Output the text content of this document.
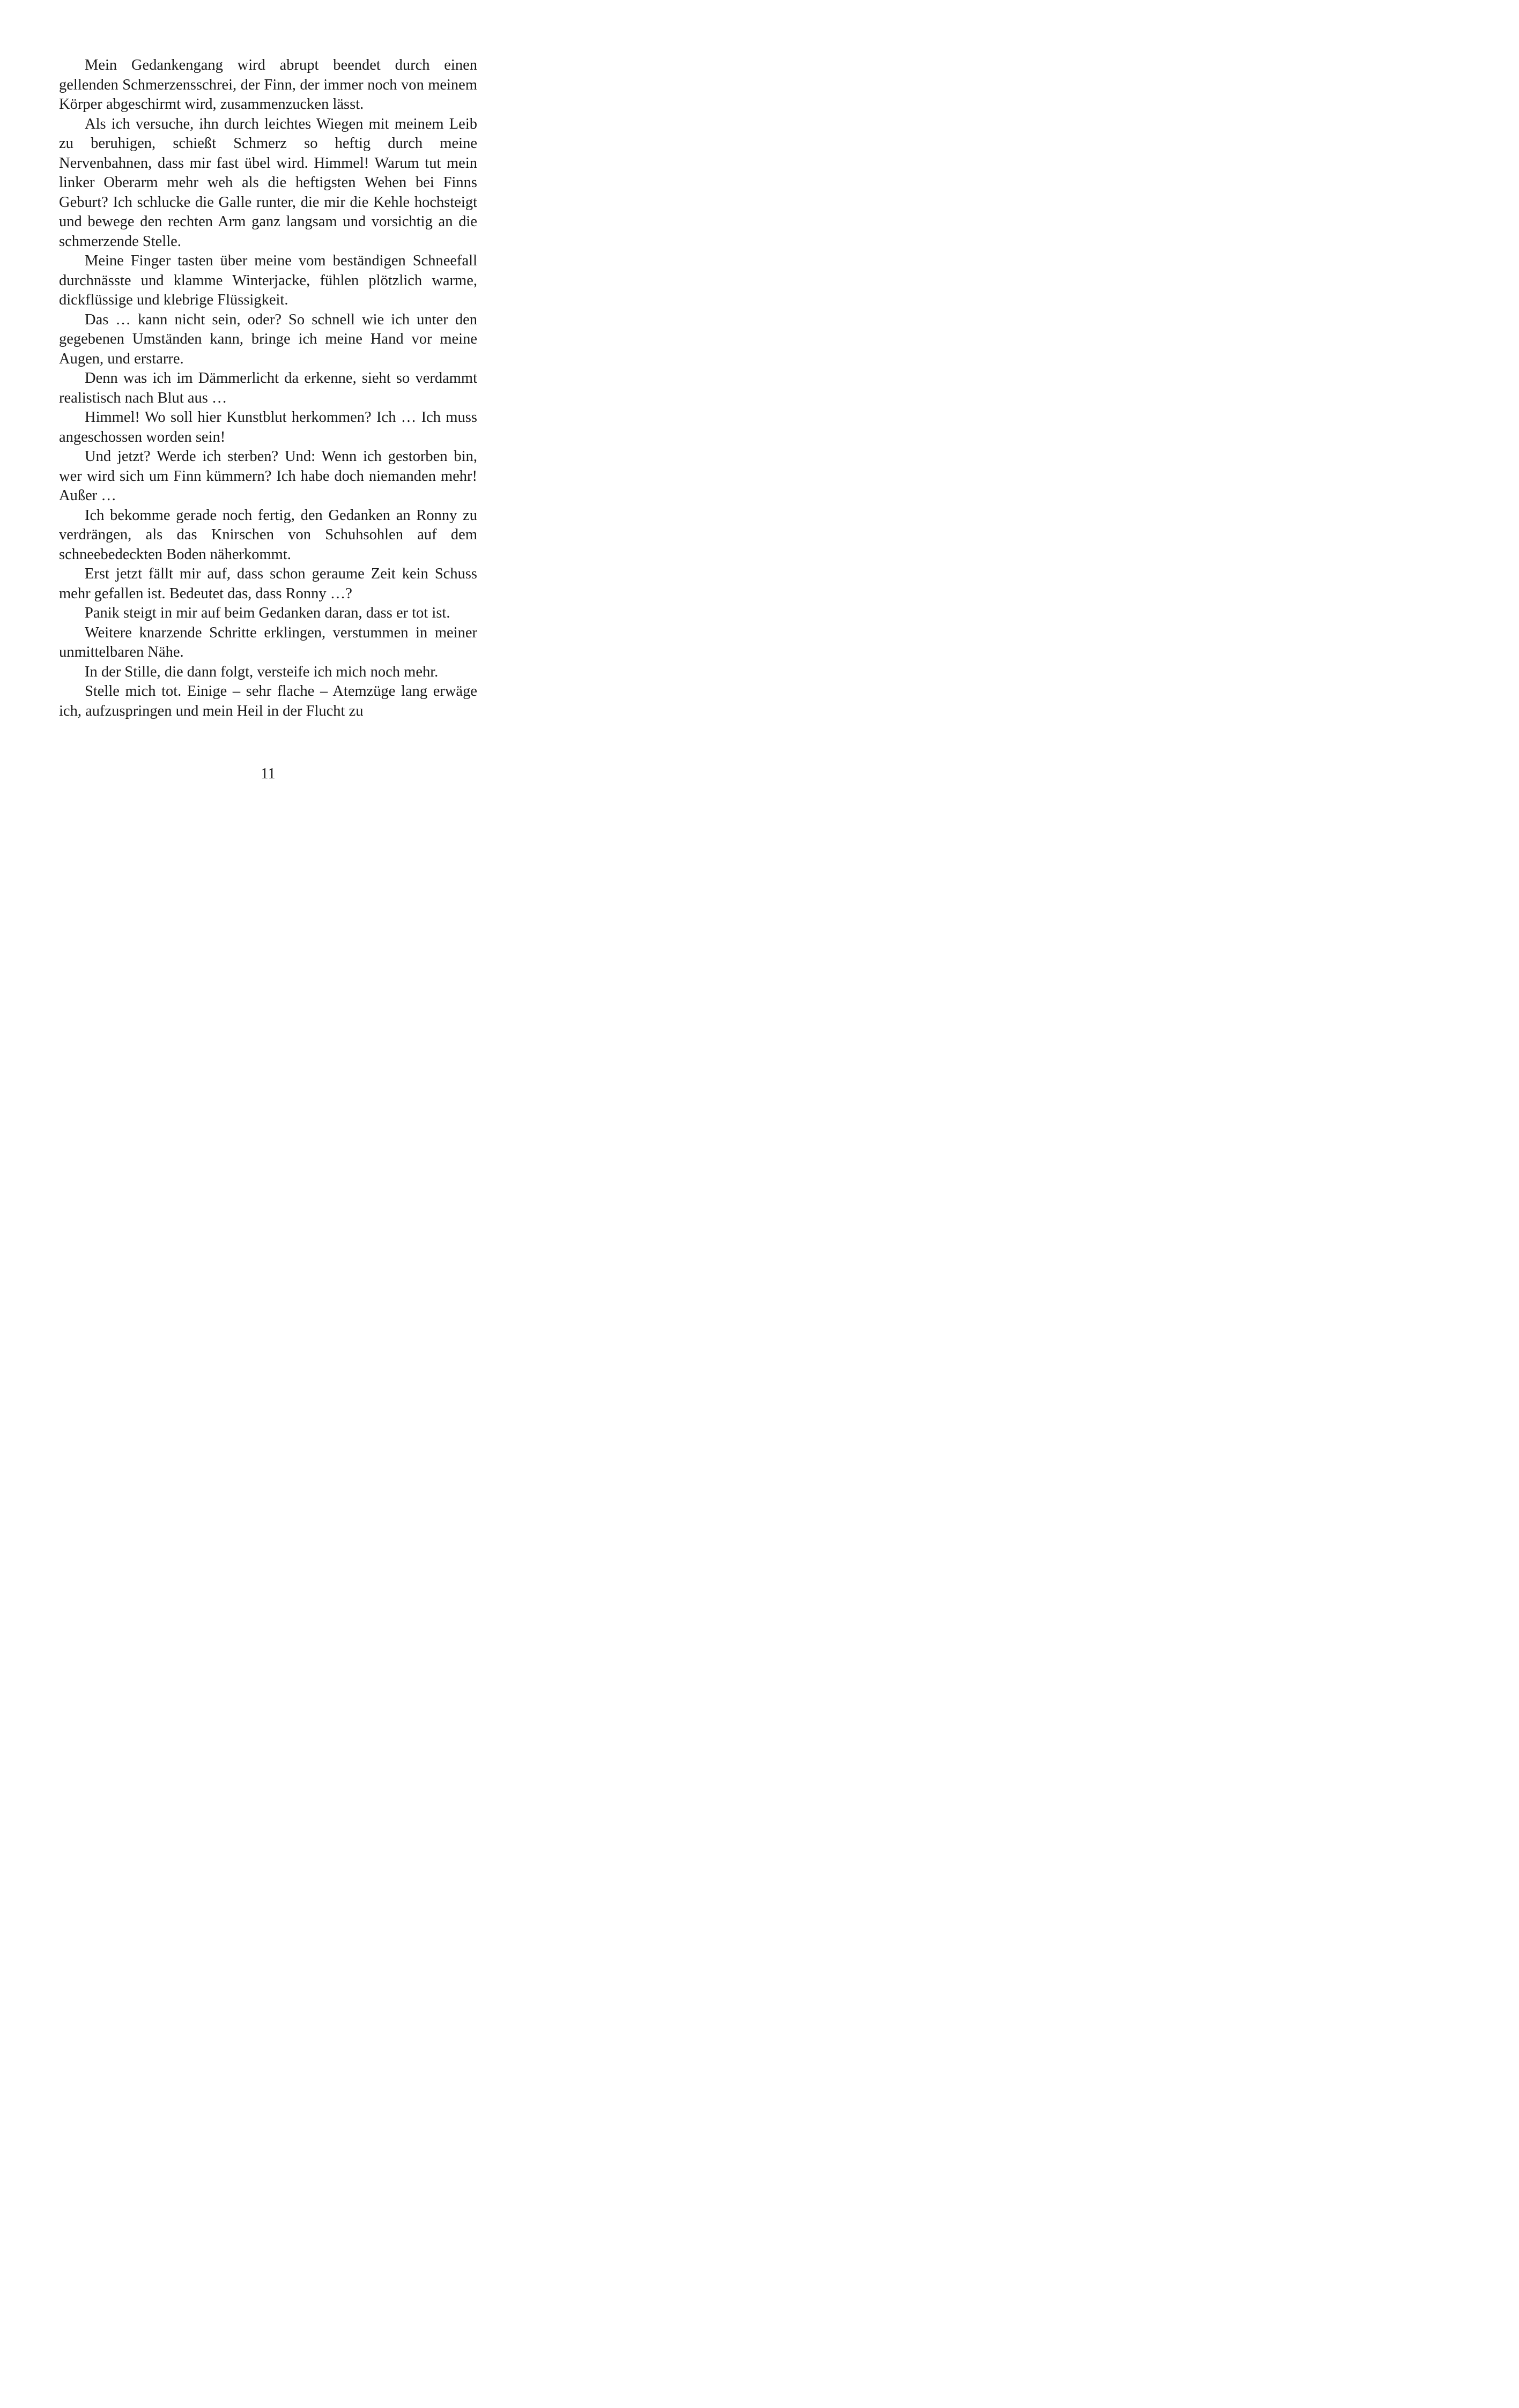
Mein Gedankengang wird abrupt beendet durch einen gellenden Schmerzensschrei, der Finn, der immer noch von meinem Körper abgeschirmt wird, zusammenzucken lässt.

Als ich versuche, ihn durch leichtes Wiegen mit meinem Leib zu beruhigen, schießt Schmerz so heftig durch meine Nervenbahnen, dass mir fast übel wird. Himmel! Warum tut mein linker Oberarm mehr weh als die heftigsten Wehen bei Finns Geburt? Ich schlucke die Galle runter, die mir die Kehle hochsteigt und bewege den rechten Arm ganz langsam und vorsichtig an die schmerzende Stelle.

Meine Finger tasten über meine vom beständigen Schneefall durchnässte und klamme Winterjacke, fühlen plötzlich warme, dickflüssige und klebrige Flüssigkeit.

Das … kann nicht sein, oder? So schnell wie ich unter den gegebenen Umständen kann, bringe ich meine Hand vor meine Augen, und erstarre.

Denn was ich im Dämmerlicht da erkenne, sieht so verdammt realistisch nach Blut aus …

Himmel! Wo soll hier Kunstblut herkommen? Ich … Ich muss angeschossen worden sein!

Und jetzt? Werde ich sterben? Und: Wenn ich gestorben bin, wer wird sich um Finn kümmern? Ich habe doch niemanden mehr! Außer …

Ich bekomme gerade noch fertig, den Gedanken an Ronny zu verdrängen, als das Knirschen von Schuhsohlen auf dem schneebedeckten Boden näherkommt.

Erst jetzt fällt mir auf, dass schon geraume Zeit kein Schuss mehr gefallen ist. Bedeutet das, dass Ronny …?

Panik steigt in mir auf beim Gedanken daran, dass er tot ist.

Weitere knarzende Schritte erklingen, verstummen in meiner unmittelbaren Nähe.

In der Stille, die dann folgt, versteife ich mich noch mehr.

Stelle mich tot. Einige – sehr flache – Atemzüge lang erwäge ich, aufzuspringen und mein Heil in der Flucht zu

11
